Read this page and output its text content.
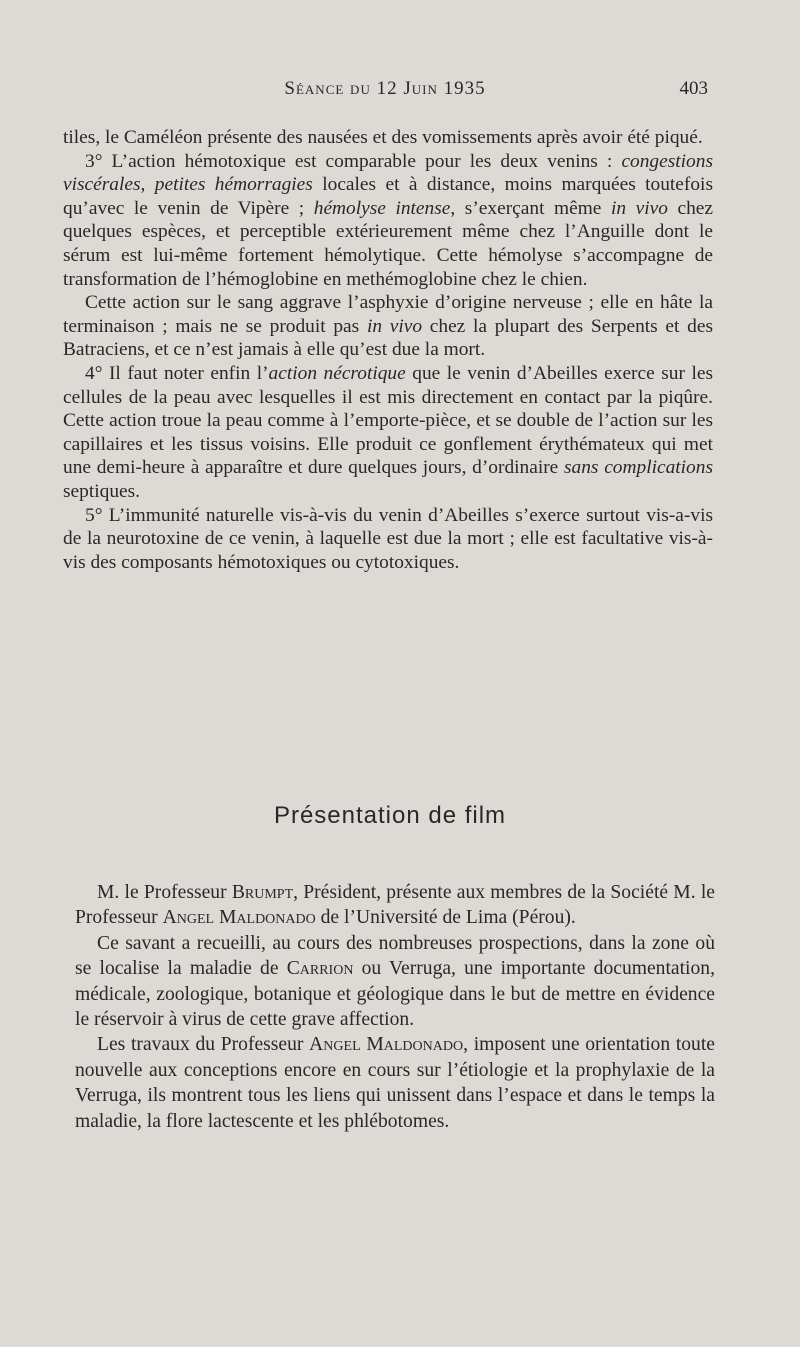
Séance du 12 Juin 1935	403

tiles, le Caméléon présente des nausées et des vomissements après avoir été piqué.

3° L’action hémotoxique est comparable pour les deux venins : congestions viscérales, petites hémorragies locales et à distance, moins marquées toutefois qu’avec le venin de Vipère ; hémolyse intense, s’exerçant même in vivo chez quelques espèces, et perceptible extérieurement même chez l’Anguille dont le sérum est lui-même fortement hémolytique. Cette hémolyse s’accompagne de transformation de l’hémoglobine en methémoglobine chez le chien.

Cette action sur le sang aggrave l’asphyxie d’origine nerveuse ; elle en hâte la terminaison ; mais ne se produit pas in vivo chez la plupart des Serpents et des Batraciens, et ce n’est jamais à elle qu’est due la mort.

4° Il faut noter enfin l’action nécrotique que le venin d’Abeilles exerce sur les cellules de la peau avec lesquelles il est mis directement en contact par la piqûre. Cette action troue la peau comme à l’emporte-pièce, et se double de l’action sur les capillaires et les tissus voisins. Elle produit ce gonflement érythémateux qui met une demi-heure à apparaître et dure quelques jours, d’ordinaire sans complications septiques.

5° L’immunité naturelle vis-à-vis du venin d’Abeilles s’exerce surtout vis-a-vis de la neurotoxine de ce venin, à laquelle est due la mort ; elle est facultative vis-à-vis des composants hémotoxiques ou cytotoxiques.

Présentation de film

M. le Professeur Brumpt, Président, présente aux membres de la Société M. le Professeur Angel Maldonado de l’Université de Lima (Pérou).

Ce savant a recueilli, au cours des nombreuses prospections, dans la zone où se localise la maladie de Carrion ou Verruga, une importante documentation, médicale, zoologique, botanique et géologique dans le but de mettre en évidence le réservoir à virus de cette grave affection.

Les travaux du Professeur Angel Maldonado, imposent une orientation toute nouvelle aux conceptions encore en cours sur l’étiologie et la prophylaxie de la Verruga, ils montrent tous les liens qui unissent dans l’espace et dans le temps la maladie, la flore lactescente et les phlébotomes.
